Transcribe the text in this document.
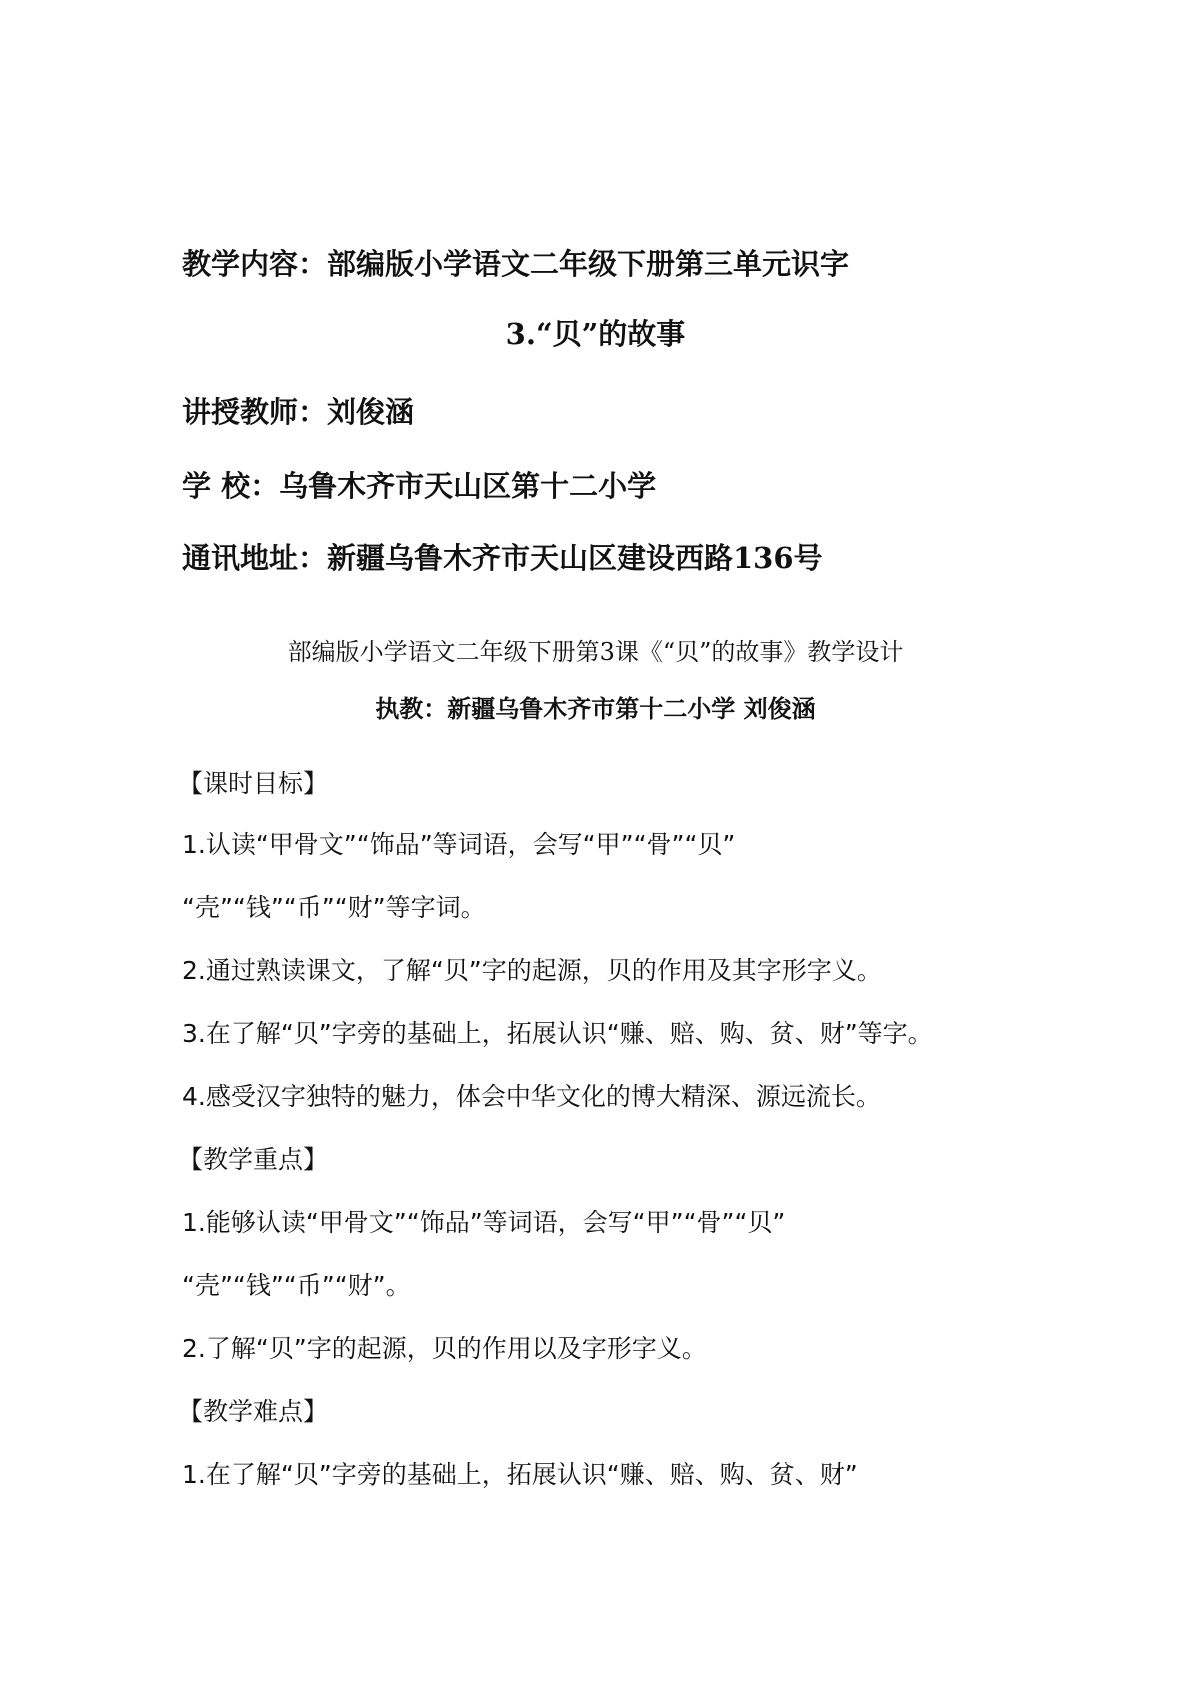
教学内容：部编版小学语文二年级下册第三单元识字
3.“贝”的故事
讲授教师：刘俊涵
学 校：乌鲁木齐市天山区第十二小学
通讯地址：新疆乌鲁木齐市天山区建设西路136号
部编版小学语文二年级下册第3课《“贝”的故事》教学设计
执教：新疆乌鲁木齐市第十二小学 刘俊涵
【课时目标】
1.认读“甲骨文”“饰品”等词语，会写“甲”“骨”“贝”
“壳”“钱”“币”“财”等字词。
2.通过熟读课文，了解“贝”字的起源，贝的作用及其字形字义。
3.在了解“贝”字旁的基础上，拓展认识“赚、赔、购、贫、财”等字。
4.感受汉字独特的魅力，体会中华文化的博大精深、源远流长。
【教学重点】
1.能够认读“甲骨文”“饰品”等词语，会写“甲”“骨”“贝”
“壳”“钱”“币”“财”。
2.了解“贝”字的起源，贝的作用以及字形字义。
【教学难点】
1.在了解“贝”字旁的基础上，拓展认识“赚、赔、购、贫、财”
